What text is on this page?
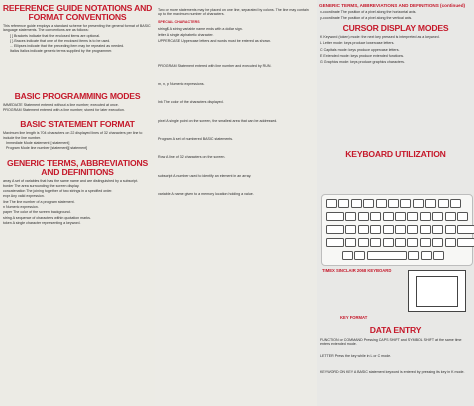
REFERENCE GUIDE NOTATIONS AND FORMAT CONVENTIONS
This reference guide employs a standard scheme for presenting the general format of BASIC language statements. The conventions are as follows:
[ ] Brackets indicate that the enclosed items are optional.
{ } Braces indicate that one of the enclosed items is to be used.
... Ellipses indicate that the preceding item may be repeated as needed.
Italics Italics indicate generic terms supplied by the programmer.
BASIC PROGRAMMING MODES
IMMEDIATE Statement entered without a line number; executed at once.
PROGRAM Statement entered with a line number; stored for later execution.
BASIC STATEMENT FORMAT
Maximum line length is 704 characters on 22 displayed lines of 32 characters per line to include the line number.
Immediate Mode statement [:statement]
Program Mode line number [statement][:statement]
GENERIC TERMS, ABBREVIATIONS AND DEFINITIONS
array A set of variables that has the same name and are distinguished by a subscript.
border The area surrounding the screen display.
concatenation The joining together of two strings in a specified order.
expr Any valid expression.
line The line number of a program statement.
n Numeric expression.
paper The color of the screen background.
string A sequence of characters within quotation marks.
token A single character representing a keyword.
Two or more statements may be placed on one line, separated by colons. The line may contain up to the maximum number of characters.
SPECIAL CHARACTERS
string$ A string variable name ends with a dollar sign.
letter A single alphabetic character.
UPPERCASE Uppercase letters and words must be entered as shown.
PROGRAM Statement entered with line number and executed by RUN.
m, n, p Numeric expressions.
Ink The color of the characters displayed.
pixel A single point on the screen, the smallest area that can be addressed.
Program A set of numbered BASIC statements.
Row A line of 32 characters on the screen.
subscript A number used to identify an element in an array.
variable A name given to a memory location holding a value.
GENERIC TERMS, ABBREVIATIONS AND DEFINITIONS (continued)
x-coordinate The position of a pixel along the horizontal axis.
y-coordinate The position of a pixel along the vertical axis.
CURSOR DISPLAY MODES
K Keyword (token) mode: the next key pressed is interpreted as a keyword.
L Letter mode: keys produce lowercase letters.
C Capitals mode: keys produce uppercase letters.
E Extended mode: keys produce extended functions.
G Graphics mode: keys produce graphics characters.
KEYBOARD UTILIZATION
TIMEX SINCLAIR 2068 KEYBOARD
KEY FORMAT
DATA ENTRY
FUNCTION or COMMAND Pressing CAPS SHIFT and SYMBOL SHIFT at the same time enters extended mode.
LETTER Press the key while in L or C mode.
KEYWORD ON KEY A BASIC statement keyword is entered by pressing its key in K mode.
